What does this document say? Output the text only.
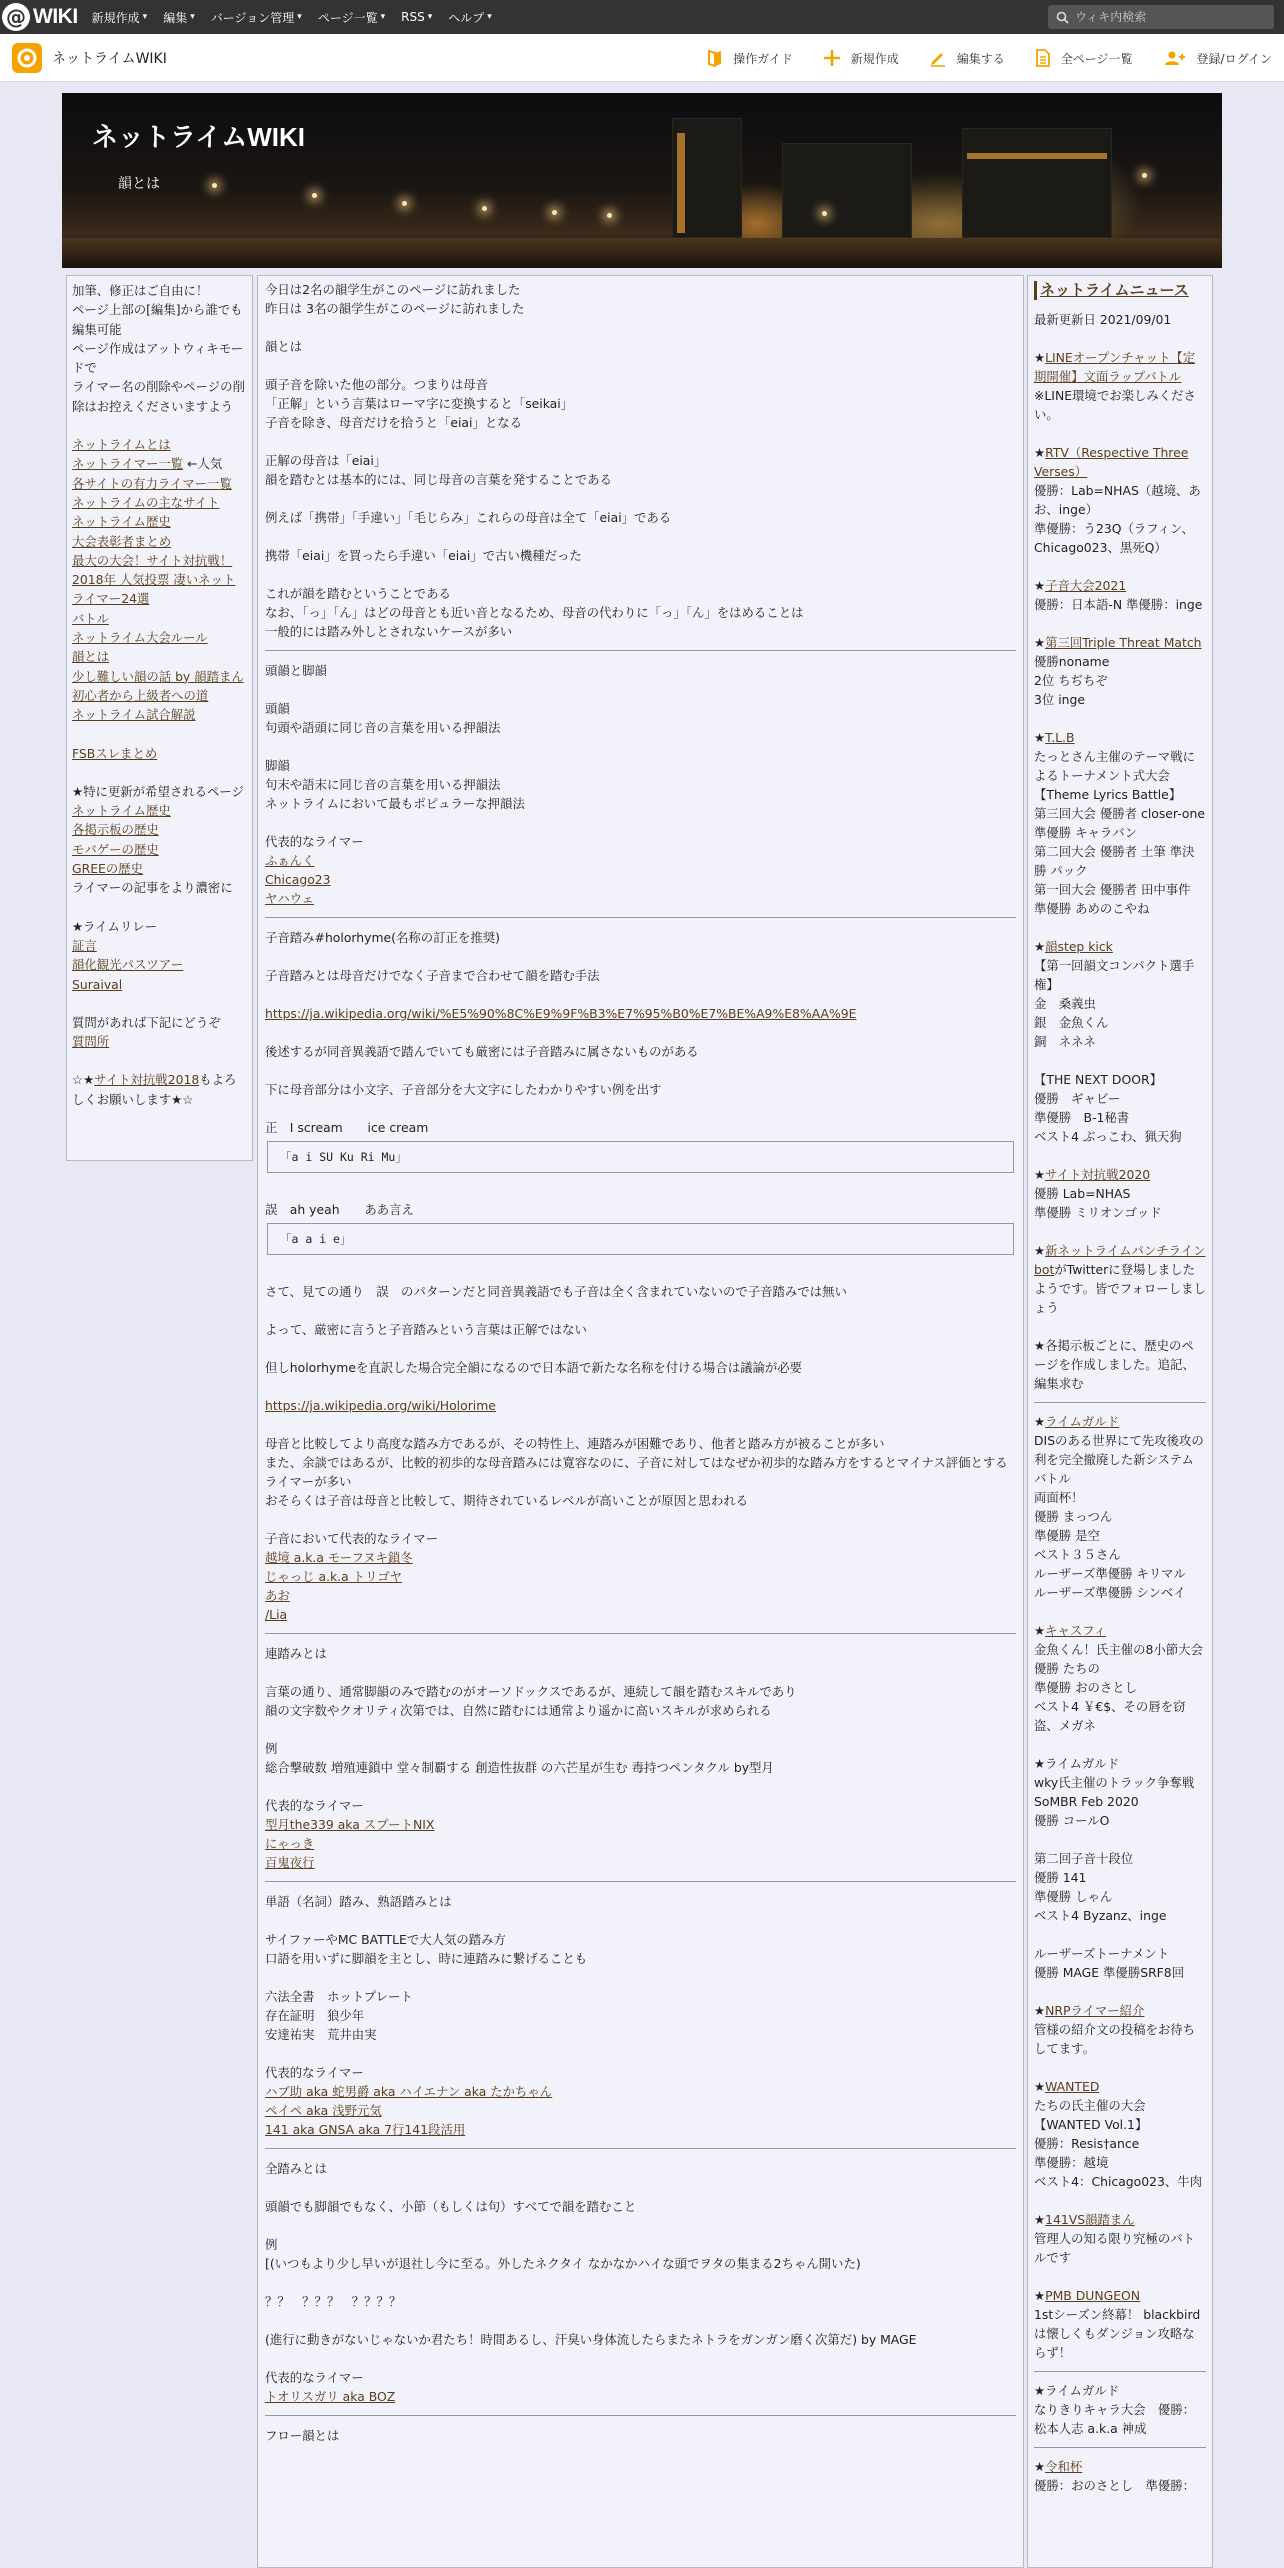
@ WIKI 新規作成 ▾ 編集 ▾ バージョン管理 ▾ ページ一覧 ▾ RSS ▾ ヘルプ ▾
ウィキ内検索
ネットライムWIKI	操作ガイド	新規作成	編集する	全ページ一覧	登録/ログイン
ネットライムWIKI
韻とは
加筆、修正はご自由に！
ページ上部の[編集]から誰でも編集可能
ページ作成はアットウィキモードで
ライマー名の削除やページの削除はお控えくださいますよう
ネットライムとは
ネットライマー一覧 ←人気
各サイトの有力ライマー一覧
ネットライムの主なサイト
ネットライム歴史
大会表彰者まとめ
最大の大会！サイト対抗戦！
2018年 人気投票 凄いネットライマー24選
バトル
ネットライム大会ルール
韻とは
少し難しい韻の話 by 韻踏まん
初心者から上級者への道
ネットライム試合解説
FSBスレまとめ
★特に更新が希望されるページ
ネットライム歴史
各掲示板の歴史
モバゲーの歴史
GREEの歴史
ライマーの記事をより濃密に
★ライムリレー
証言
韻化観光パスツアー
Suraival
質問があれば下記にどうぞ
質問所
☆★サイト対抗戦2018もよろしくお願いします★☆
今日は2名の韻学生がこのページに訪れました
昨日は 3名の韻学生がこのページに訪れました
韻とは
頭子音を除いた他の部分。つまりは母音
「正解」という言葉はローマ字に変換すると「seikai」
子音を除き、母音だけを拾うと「eiai」となる
正解の母音は「eiai」
韻を踏むとは基本的には、同じ母音の言葉を発することである
例えば「携帯」「手違い」「毛じらみ」これらの母音は全て「eiai」である
携帯「eiai」を買ったら手違い「eiai」で古い機種だった
これが韻を踏むということである
なお、「っ」「ん」はどの母音とも近い音となるため、母音の代わりに「っ」「ん」をはめることは
一般的には踏み外しとされないケースが多い
頭韻と脚韻
頭韻
句頭や語頭に同じ音の言葉を用いる押韻法
脚韻
句末や語末に同じ音の言葉を用いる押韻法
ネットライムにおいて最もポピュラーな押韻法
代表的なライマー
ふぁんく
Chicago23
ヤハウェ
子音踏み#holorhyme(名称の訂正を推奨)
子音踏みとは母音だけでなく子音まで合わせて韻を踏む手法
https://ja.wikipedia.org/wiki/%E5%90%8C%E9%9F%B3%E7%95%B0%E7%BE%A9%E8%AA%9E
後述するが同音異義語で踏んでいても厳密には子音踏みに属さないものがある
下に母音部分は小文字、子音部分を大文字にしたわかりやすい例を出す
正　I scream　　ice cream
「a i SU Ku Ri Mu」
誤　ah yeah　　ああ言え
「a a i e」
さて、見ての通り　誤　のパターンだと同音異義語でも子音は全く含まれていないので子音踏みでは無い
よって、厳密に言うと子音踏みという言葉は正解ではない
但しholorhymeを直訳した場合完全韻になるので日本語で新たな名称を付ける場合は議論が必要
https://ja.wikipedia.org/wiki/Holorime
母音と比較してより高度な踏み方であるが、その特性上、連踏みが困難であり、他者と踏み方が被ることが多い
また、余談ではあるが、比較的初歩的な母音踏みには寛容なのに、子音に対してはなぜか初歩的な踏み方をするとマイナス評価とするライマーが多い
おそらくは子音は母音と比較して、期待されているレベルが高いことが原因と思われる
子音において代表的なライマー
越境 a.k.a モーフヌキ鎖冬
じゃっじ a.k.a トリゴヤ
あお
/Lia
連踏みとは
言葉の通り、通常脚韻のみで踏むのがオーソドックスであるが、連続して韻を踏むスキルであり
韻の文字数やクオリティ次第では、自然に踏むには通常より遥かに高いスキルが求められる
例
総合撃破数 増殖連鎖中 堂々制覇する 創造性抜群 の六芒星が生む 毒持つペンタクル by型月
代表的なライマー
型月the339 aka スプートNIX
にゃっき
百鬼夜行
単語（名詞）踏み、熟語踏みとは
サイファーやMC BATTLEで大人気の踏み方
口語を用いずに脚韻を主とし、時に連踏みに繋げることも
六法全書　ホットプレート
存在証明　狼少年
安達祐実　荒井由実
代表的なライマー
ハブ助 aka 蛇男爵 aka ハイエナン aka たかちゃん
ペイペ aka 浅野元気
141 aka GNSA aka 7行141段活用
全踏みとは
頭韻でも脚韻でもなく、小節（もしくは句）すべてで韻を踏むこと
例
[(いつもより少し早いが退社し今に至る。外したネクタイ なかなかハイな頭でヲタの集まる2ちゃん開いた)
？？　？？？　？？？？
(進行に動きがないじゃないか君たち！時間あるし、汗臭い身体流したらまたネトラをガンガン磨く次第だ) by MAGE
代表的なライマー
トオリスガリ aka BOZ
フロー韻とは
ネットライムニュース
最新更新日 2021/09/01
★LINEオープンチャット【定期開催】文面ラップバトル
※LINE環境でお楽しみください。
★RTV（Respective Three Verses）
優勝：Lab=NHAS（越境、あお、inge）
準優勝：う23Q（ラフィン、Chicago023、黒死Q）
★子音大会2021
優勝：日本語-N 準優勝：inge
★第三回Triple Threat Match
優勝noname
2位 ちぢちぞ
3位 inge
★T.L.B
たっとさん主催のテーマ戦によるトーナメント式大会【Theme Lyrics Battle】
第三回大会 優勝者 closer-one 準優勝 キャラバン
第二回大会 優勝者 土筆 準決勝 パック
第一回大会 優勝者 田中事件 準優勝 あめのこやね
★韻step kick
【第一回韻文コンパクト選手権】
金　桑義虫
銀　金魚くん
銅　ネネネ
【THE NEXT DOOR】
優勝　ギャビー
準優勝　B-1秘書
ベスト4 ぶっこわ、猟天狗
★サイト対抗戦2020
優勝 Lab=NHAS
準優勝 ミリオンゴッド
★新ネットライムパンチラインbotがTwitterに登場しましたようです。皆でフォローしましょう
★各掲示板ごとに、歴史のページを作成しました。追記、編集求む
★ライムガルド
DISのある世界にて先攻後攻の利を完全撤廃した新システムバトル
両面杯！
優勝 まっつん
準優勝 是空
ベスト３５さん
ルーザーズ準優勝 キリマル
ルーザーズ準優勝 シンベイ
★キャスフィ
金魚くん！氏主催の8小節大会
優勝 たちの
準優勝 おのさとし
ベスト4 ￥€$、その唇を窃盗、メガネ
★ライムガルド
wky氏主催のトラック争奪戦 SoMBR Feb 2020
優勝 コールO
第二回子音十段位
優勝 141
準優勝 しゃん
ベスト4 Byzanz、inge
ルーザーズトーナメント
優勝 MAGE 準優勝SRF8回
★NRPライマー紹介
管様の紹介文の投稿をお待ちしてます。
★WANTED
たちの氏主催の大会
【WANTED Vol.1】
優勝：Resis†ance
準優勝：越境
ベスト4：Chicago023、牛肉
★141VS韻踏まん
管理人の知る限り究極のバトルです
★PMB DUNGEON
1stシーズン終幕！ blackbirdは懐しくもダンジョン攻略ならず！
★ライムガルド
なりきりキャラ大会　優勝：松本人志 a.k.a 神成
★令和杯
優勝：おのさとし　準優勝：
